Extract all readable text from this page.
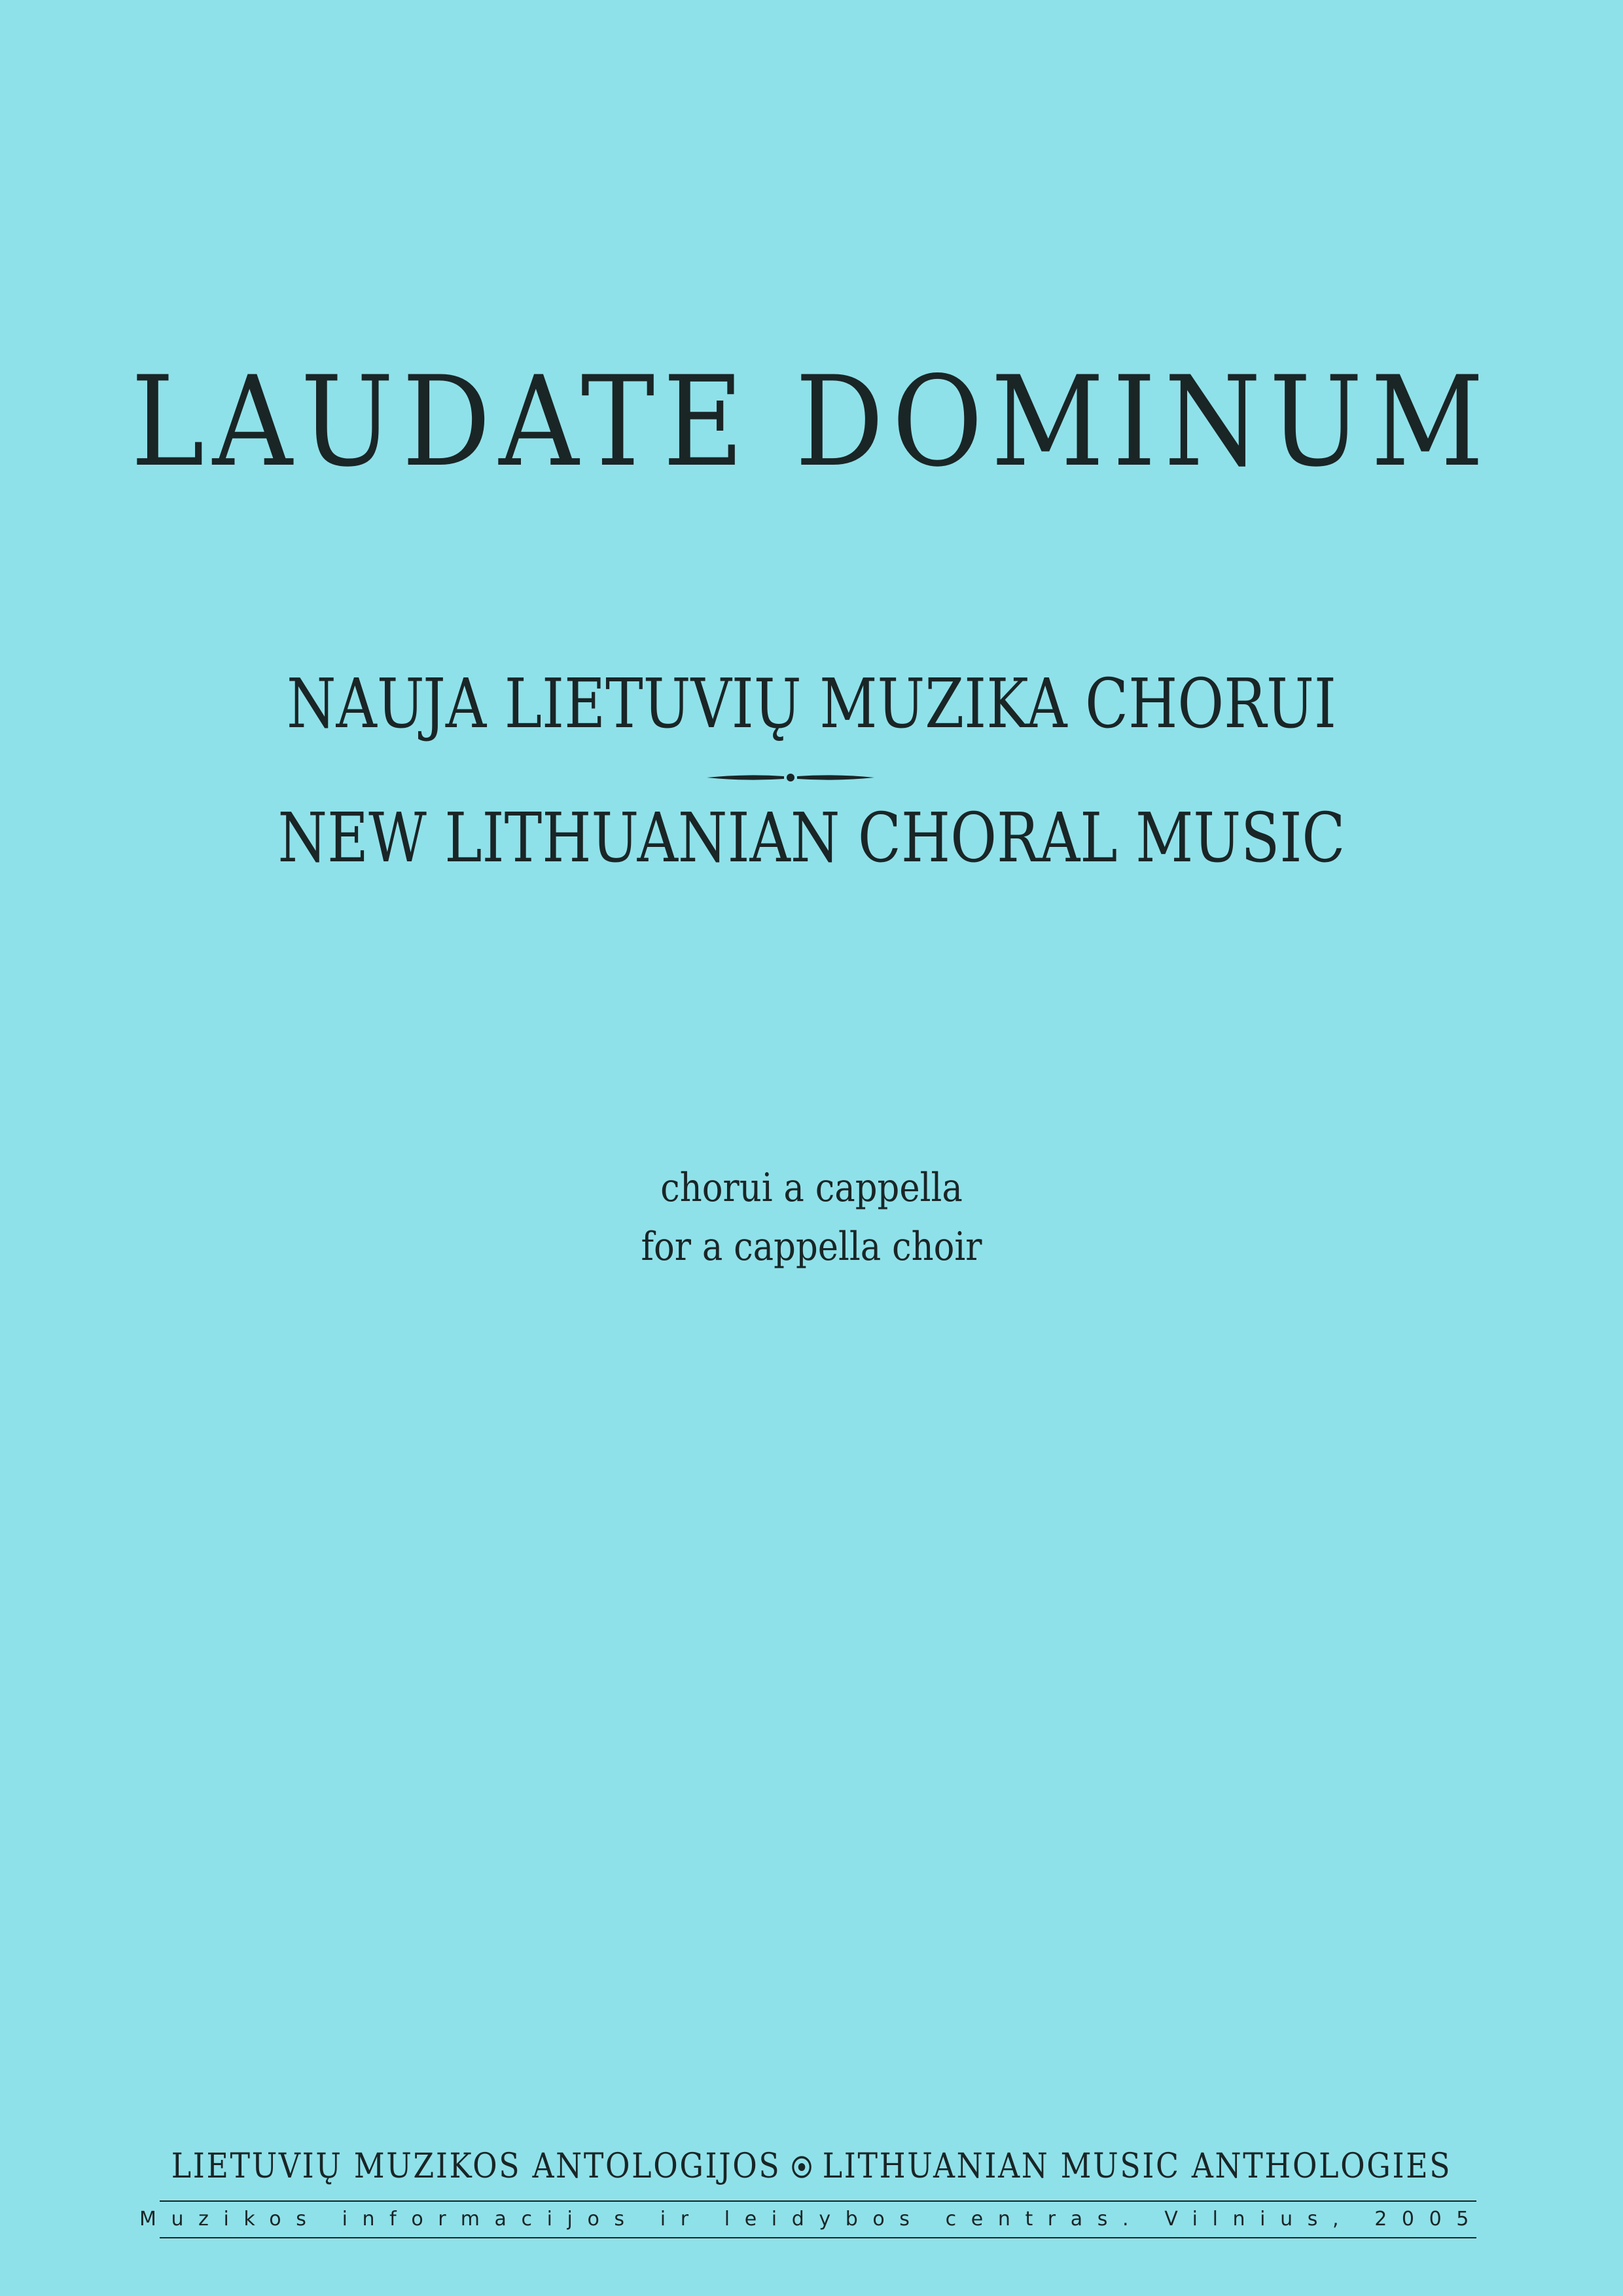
LAUDATE DOMINUM
NAUJA LIETUVIŲ MUZIKA CHORUI
NEW LITHUANIAN CHORAL MUSIC
chorui a cappella
for a cappella choir
LIETUVIŲ MUZIKOS ANTOLOGIJOS LITHUANIAN MUSIC ANTHOLOGIES
Muzikos informacijos ir leidybos centras. Vilnius, 2005
